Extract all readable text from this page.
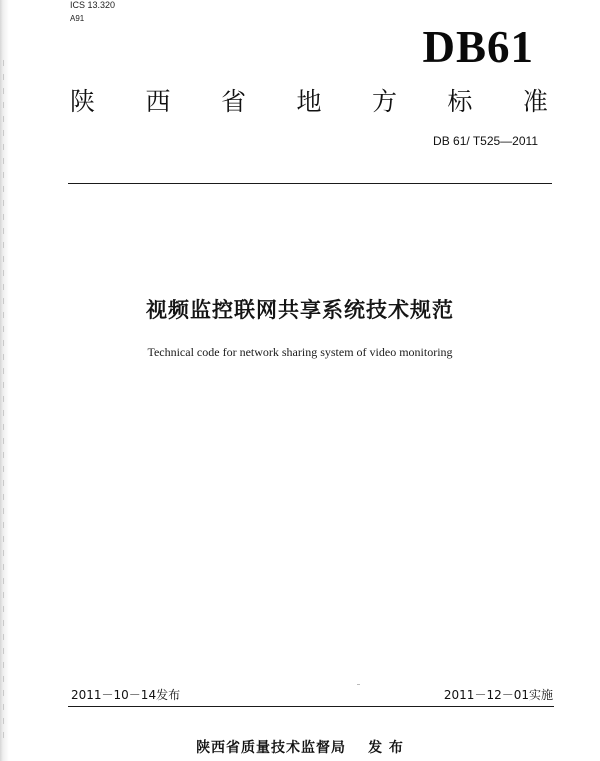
ICS 13.320
A91
DB61
陕 西 省 地 方 标 准
DB 61/ T525—2011
视频监控联网共享系统技术规范
Technical code for network sharing system of video monitoring
2011－10－14发布	2011－12－01实施
陕西省质量技术监督局 发 布
